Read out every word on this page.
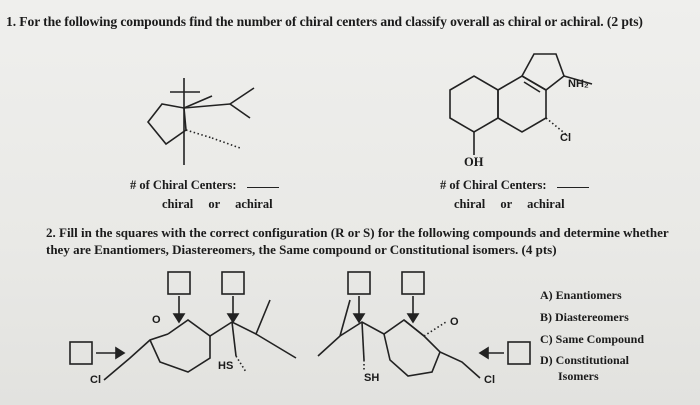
1. For the following compounds find the number of chiral centers and classify overall as chiral or achiral. (2 pts)
NH₂
Cl
OH
# of Chiral Centers:
chiral or achiral
# of Chiral Centers:
chiral or achiral
2. Fill in the squares with the correct configuration (R or S) for the following compounds and determine whether they are Enantiomers, Diastereomers, the Same compound or Constitutional isomers. (4 pts)
O
HS
Cl
O
SH	Cl
A) Enantiomers
B) Diastereomers
C) Same Compound
D) Constitutional
Isomers
